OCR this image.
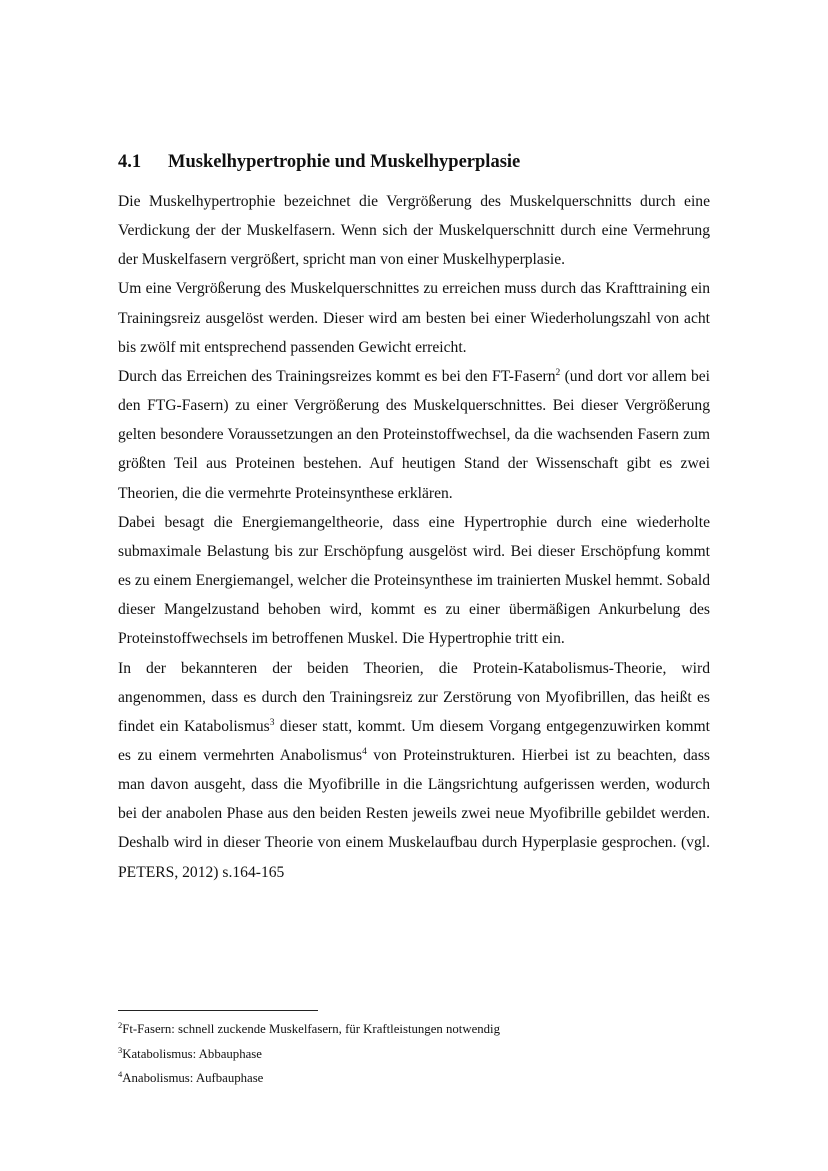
4.1 Muskelhypertrophie und Muskelhyperplasie

Die Muskelhypertrophie bezeichnet die Vergrößerung des Muskelquerschnitts durch eine Verdickung der der Muskelfasern. Wenn sich der Muskelquerschnitt durch eine Vermehrung der Muskelfasern vergrößert, spricht man von einer Muskelhyperplasie.

Um eine Vergrößerung des Muskelquerschnittes zu erreichen muss durch das Krafttraining ein Trainingsreiz ausgelöst werden. Dieser wird am besten bei einer Wiederholungszahl von acht bis zwölf mit entsprechend passenden Gewicht erreicht.

Durch das Erreichen des Trainingsreizes kommt es bei den FT-Fasern$^2$ (und dort vor allem bei den FTG-Fasern) zu einer Vergrößerung des Muskelquerschnittes. Bei dieser Vergrößerung gelten besondere Voraussetzungen an den Proteinstoffwechsel, da die wachsenden Fasern zum größten Teil aus Proteinen bestehen. Auf heutigen Stand der Wissenschaft gibt es zwei Theorien, die die vermehrte Proteinsynthese erklären.

Dabei besagt die Energiemangeltheorie, dass eine Hypertrophie durch eine wiederholte submaximale Belastung bis zur Erschöpfung ausgelöst wird. Bei dieser Erschöpfung kommt es zu einem Energiemangel, welcher die Proteinsynthese im trainierten Muskel hemmt. Sobald dieser Mangelzustand behoben wird, kommt es zu einer übermäßigen Ankurbelung des Proteinstoffwechsels im betroffenen Muskel. Die Hypertrophie tritt ein.

In der bekannteren der beiden Theorien, die Protein-Katabolismus-Theorie, wird angenommen, dass es durch den Trainingsreiz zur Zerstörung von Myofibrillen, das heißt es findet ein Katabolismus$^3$ dieser statt, kommt. Um diesem Vorgang entgegenzuwirken kommt es zu einem vermehrten Anabolismus$^4$ von Proteinstrukturen. Hierbei ist zu beachten, dass man davon ausgeht, dass die Myofibrille in die Längsrichtung aufgerissen werden, wodurch bei der anabolen Phase aus den beiden Resten jeweils zwei neue Myofibrille gebildet werden. Deshalb wird in dieser Theorie von einem Muskelaufbau durch Hyperplasie gesprochen. (vgl. PETERS, 2012) s.164-165

$^2$Ft-Fasern: schnell zuckende Muskelfasern, für Kraftleistungen notwendig
$^3$Katabolismus: Abbauphase
$^4$Anabolismus: Aufbauphase
